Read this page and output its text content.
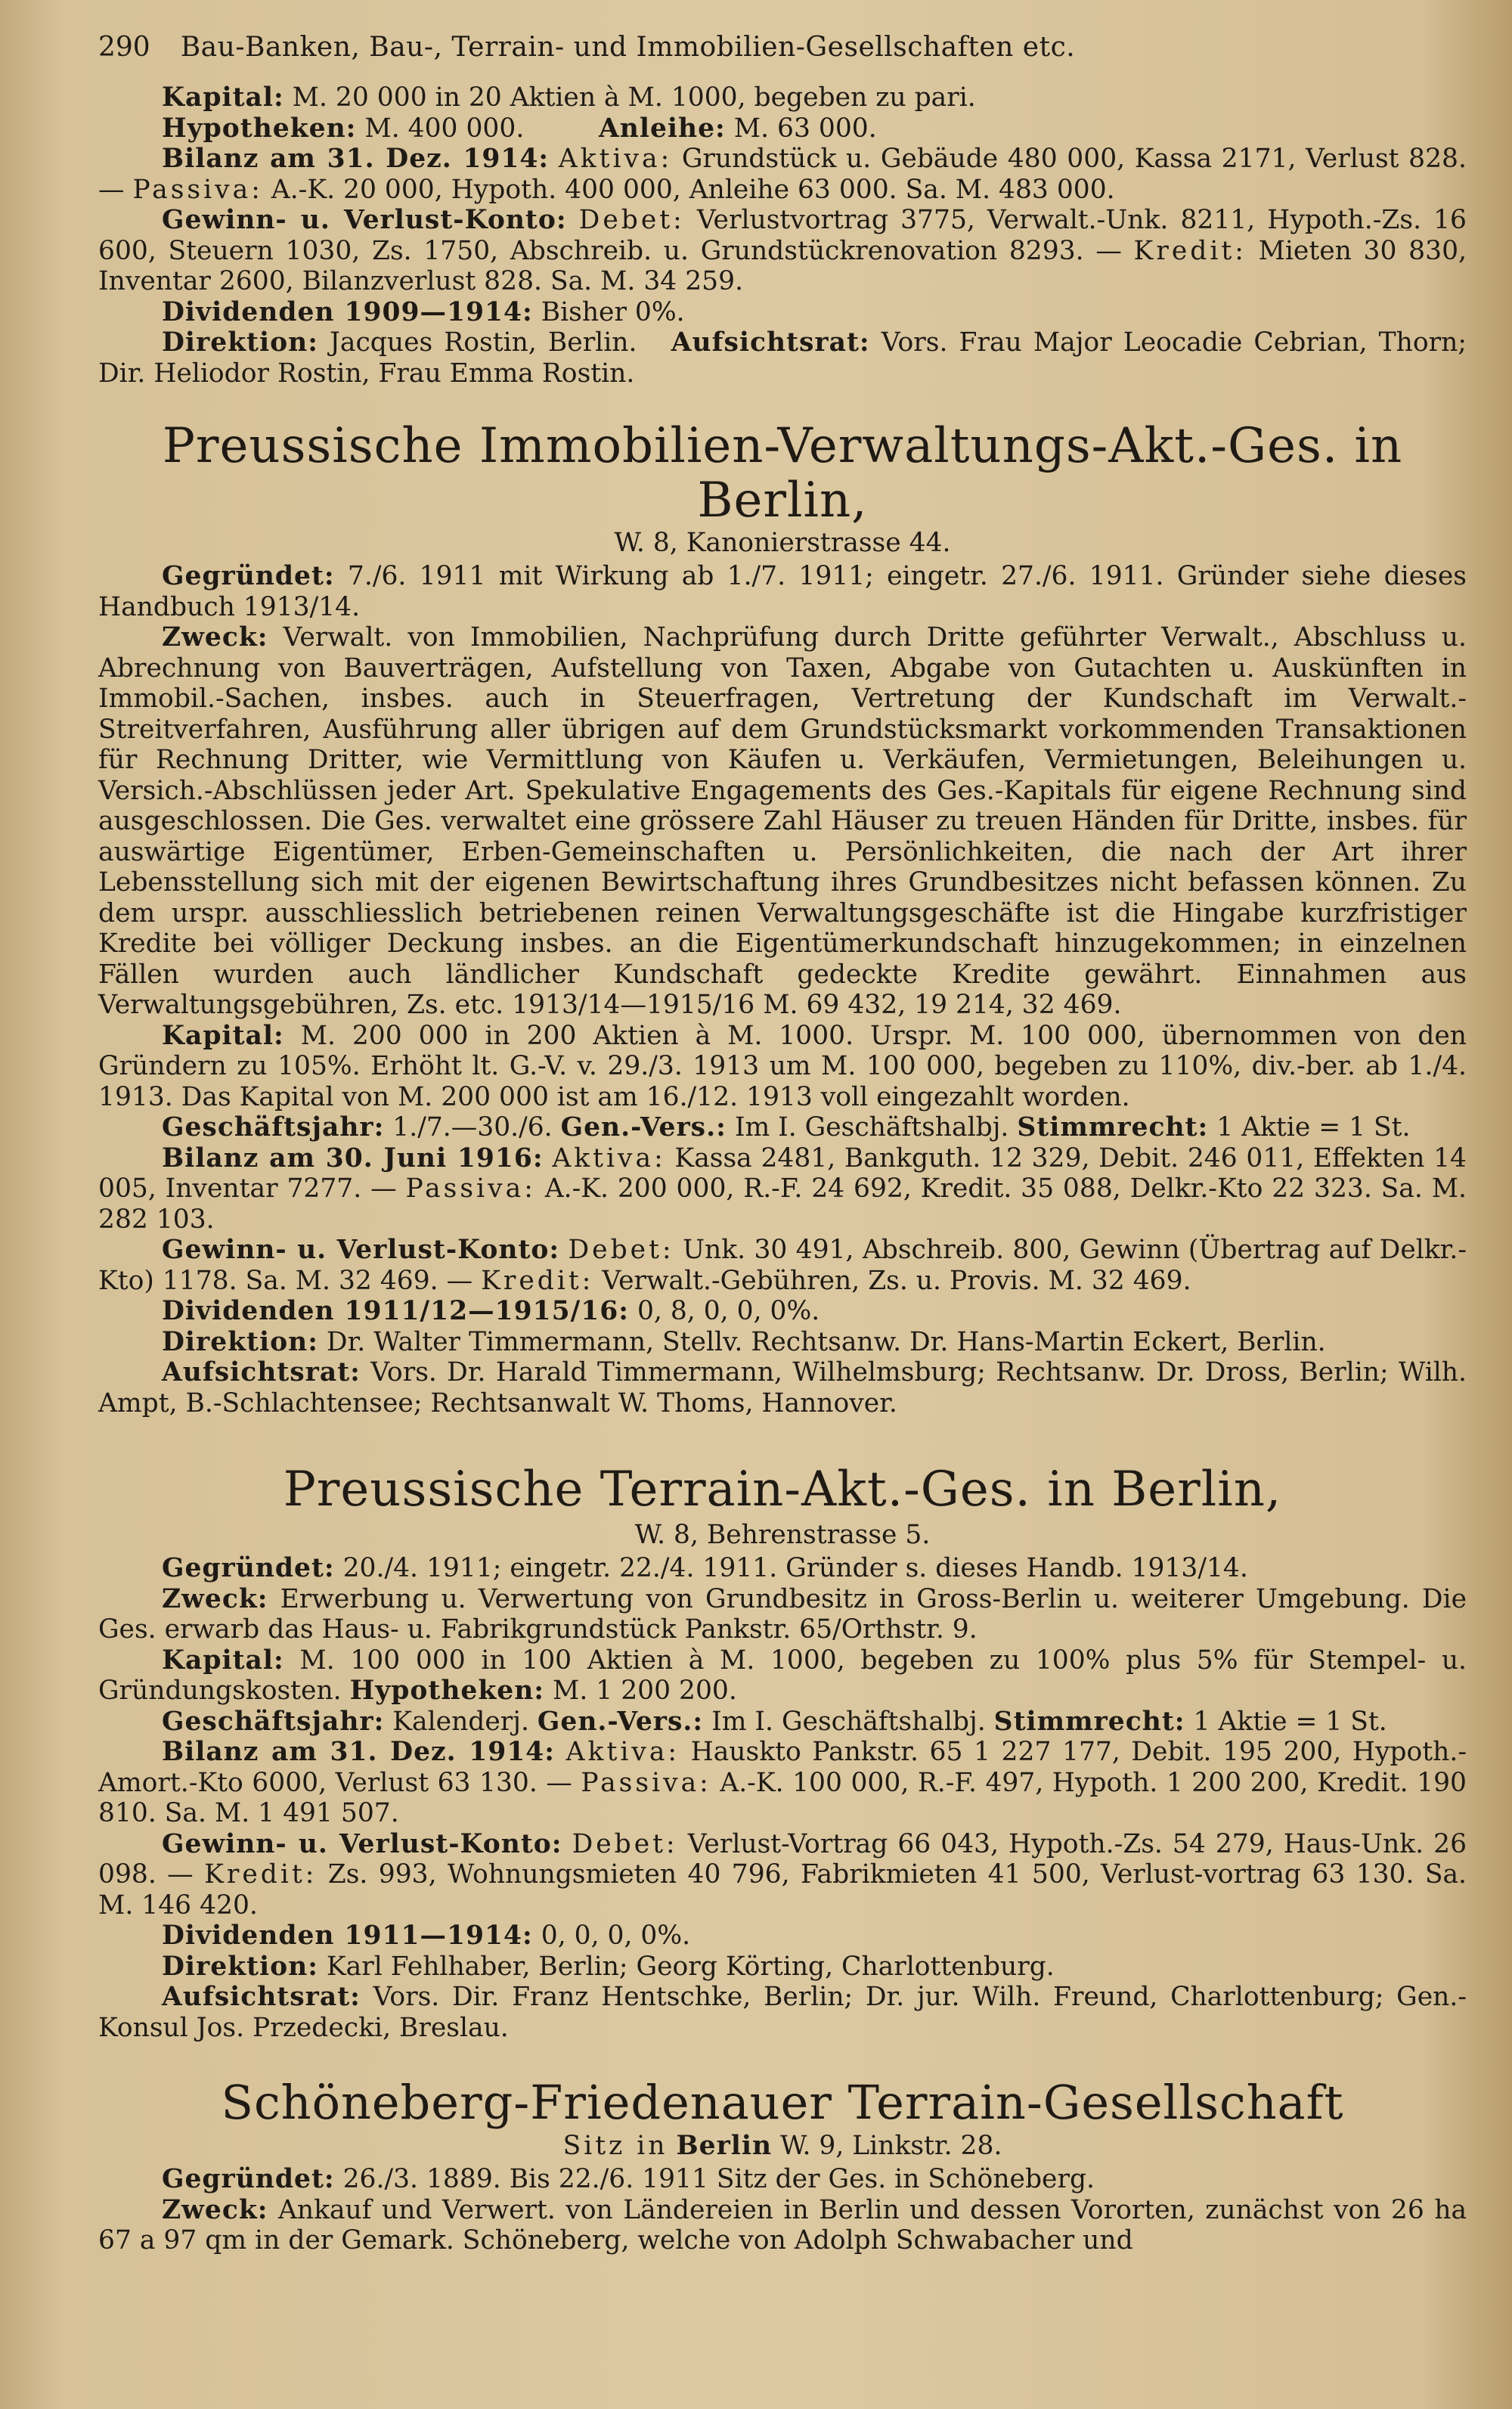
290 Bau-Banken, Bau-, Terrain- und Immobilien-Gesellschaften etc.

Kapital: M. 20 000 in 20 Aktien à M. 1000, begeben zu pari.

Hypotheken: M. 400 000.	Anleihe: M. 63 000.

Bilanz am 31. Dez. 1914: Aktiva: Grundstück u. Gebäude 480 000, Kassa 2171, Verlust 828. — Passiva: A.-K. 20 000, Hypoth. 400 000, Anleihe 63 000. Sa. M. 483 000.

Gewinn- u. Verlust-Konto: Debet: Verlustvortrag 3775, Verwalt.-Unk. 8211, Hypoth.-Zs. 16 600, Steuern 1030, Zs. 1750, Abschreib. u. Grundstückrenovation 8293. — Kredit: Mieten 30 830, Inventar 2600, Bilanzverlust 828. Sa. M. 34 259.

Dividenden 1909—1914: Bisher 0%.

Direktion: Jacques Rostin, Berlin. Aufsichtsrat: Vors. Frau Major Leocadie Cebrian, Thorn; Dir. Heliodor Rostin, Frau Emma Rostin.

Preussische Immobilien-Verwaltungs-Akt.-Ges. in Berlin,
W. 8, Kanonierstrasse 44.

Gegründet: 7./6. 1911 mit Wirkung ab 1./7. 1911; eingetr. 27./6. 1911. Gründer siehe dieses Handbuch 1913/14.

Zweck: Verwalt. von Immobilien, Nachprüfung durch Dritte geführter Verwalt., Abschluss u. Abrechnung von Bauverträgen, Aufstellung von Taxen, Abgabe von Gutachten u. Auskünften in Immobil.-Sachen, insbes. auch in Steuerfragen, Vertretung der Kundschaft im Verwalt.-Streitverfahren, Ausführung aller übrigen auf dem Grundstücksmarkt vorkommenden Transaktionen für Rechnung Dritter, wie Vermittlung von Käufen u. Verkäufen, Vermietungen, Beleihungen u. Versich.-Abschlüssen jeder Art. Spekulative Engagements des Ges.-Kapitals für eigene Rechnung sind ausgeschlossen. Die Ges. verwaltet eine grössere Zahl Häuser zu treuen Händen für Dritte, insbes. für auswärtige Eigentümer, Erben-Gemeinschaften u. Persönlichkeiten, die nach der Art ihrer Lebensstellung sich mit der eigenen Bewirtschaftung ihres Grundbesitzes nicht befassen können. Zu dem urspr. ausschliesslich betriebenen reinen Verwaltungsgeschäfte ist die Hingabe kurzfristiger Kredite bei völliger Deckung insbes. an die Eigentümerkundschaft hinzugekommen; in einzelnen Fällen wurden auch ländlicher Kundschaft gedeckte Kredite gewährt. Einnahmen aus Verwaltungsgebühren, Zs. etc. 1913/14—1915/16 M. 69 432, 19 214, 32 469.

Kapital: M. 200 000 in 200 Aktien à M. 1000. Urspr. M. 100 000, übernommen von den Gründern zu 105%. Erhöht lt. G.-V. v. 29./3. 1913 um M. 100 000, begeben zu 110%, div.-ber. ab 1./4. 1913. Das Kapital von M. 200 000 ist am 16./12. 1913 voll eingezahlt worden.

Geschäftsjahr: 1./7.—30./6. Gen.-Vers.: Im I. Geschäftshalbj. Stimmrecht: 1 Aktie = 1 St.

Bilanz am 30. Juni 1916: Aktiva: Kassa 2481, Bankguth. 12 329, Debit. 246 011, Effekten 14 005, Inventar 7277. — Passiva: A.-K. 200 000, R.-F. 24 692, Kredit. 35 088, Delkr.-Kto 22 323. Sa. M. 282 103.

Gewinn- u. Verlust-Konto: Debet: Unk. 30 491, Abschreib. 800, Gewinn (Übertrag auf Delkr.-Kto) 1178. Sa. M. 32 469. — Kredit: Verwalt.-Gebühren, Zs. u. Provis. M. 32 469.

Dividenden 1911/12—1915/16: 0, 8, 0, 0, 0%.

Direktion: Dr. Walter Timmermann, Stellv. Rechtsanw. Dr. Hans-Martin Eckert, Berlin.

Aufsichtsrat: Vors. Dr. Harald Timmermann, Wilhelmsburg; Rechtsanw. Dr. Dross, Berlin; Wilh. Ampt, B.-Schlachtensee; Rechtsanwalt W. Thoms, Hannover.

Preussische Terrain-Akt.-Ges. in Berlin,
W. 8, Behrenstrasse 5.

Gegründet: 20./4. 1911; eingetr. 22./4. 1911. Gründer s. dieses Handb. 1913/14.

Zweck: Erwerbung u. Verwertung von Grundbesitz in Gross-Berlin u. weiterer Umgebung. Die Ges. erwarb das Haus- u. Fabrikgrundstück Pankstr. 65/Orthstr. 9.

Kapital: M. 100 000 in 100 Aktien à M. 1000, begeben zu 100% plus 5% für Stempel- u. Gründungskosten. Hypotheken: M. 1 200 200.

Geschäftsjahr: Kalenderj. Gen.-Vers.: Im I. Geschäftshalbj. Stimmrecht: 1 Aktie = 1 St.

Bilanz am 31. Dez. 1914: Aktiva: Hauskto Pankstr. 65 1 227 177, Debit. 195 200, Hypoth.-Amort.-Kto 6000, Verlust 63 130. — Passiva: A.-K. 100 000, R.-F. 497, Hypoth. 1 200 200, Kredit. 190 810. Sa. M. 1 491 507.

Gewinn- u. Verlust-Konto: Debet: Verlust-Vortrag 66 043, Hypoth.-Zs. 54 279, Haus-Unk. 26 098. — Kredit: Zs. 993, Wohnungsmieten 40 796, Fabrikmieten 41 500, Verlust-vortrag 63 130. Sa. M. 146 420.

Dividenden 1911—1914: 0, 0, 0, 0%.

Direktion: Karl Fehlhaber, Berlin; Georg Körting, Charlottenburg.

Aufsichtsrat: Vors. Dir. Franz Hentschke, Berlin; Dr. jur. Wilh. Freund, Charlottenburg; Gen.-Konsul Jos. Przedecki, Breslau.

Schöneberg-Friedenauer Terrain-Gesellschaft
Sitz in Berlin W. 9, Linkstr. 28.

Gegründet: 26./3. 1889. Bis 22./6. 1911 Sitz der Ges. in Schöneberg.

Zweck: Ankauf und Verwert. von Ländereien in Berlin und dessen Vororten, zunächst von 26 ha 67 a 97 qm in der Gemark. Schöneberg, welche von Adolph Schwabacher und
